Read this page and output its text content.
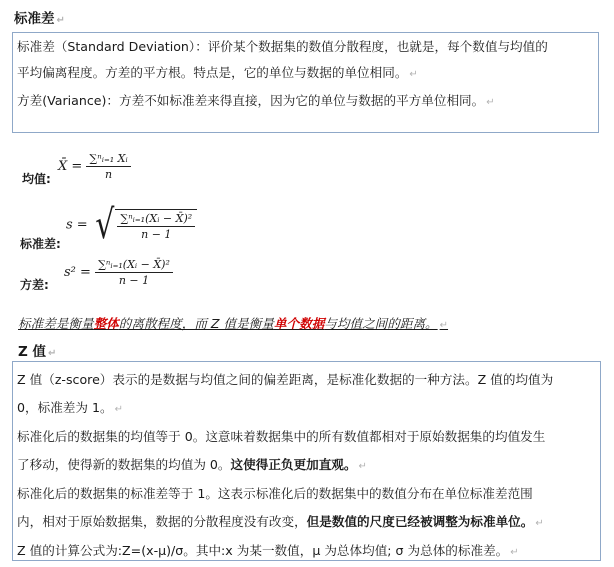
标准差 ↵

标准差（Standard Deviation）：评价某个数据集的数值分散程度，也就是，每个数值与均值的

平均偏离程度。方差的平方根。特点是，它的单位与数据的单位相同。 ↵

方差(Variance)：方差不如标准差来得直接，因为它的单位与数据的平方单位相同。 ↵

均值:
X̄ = $\frac{\text{∑ⁿᵢ₌₁ Xᵢ}}{n}$
标准差:
s = √ $\frac{\text{∑ⁿᵢ₌₁(Xᵢ − X̄)²}}{n - 1}$
方差:
$s^2 = \frac{\text{∑ⁿᵢ₌₁(Xᵢ − X̄)²}}{n - 1}$
标准差是衡量整体的离散程度，而 Z 值是衡量单个数据与均值之间的距离。 ↵
Z 值 ↵

Z 值（z-score）表示的是数据与均值之间的偏差距离，是标准化数据的一种方法。Z 值的均值为

0，标准差为 1。 ↵

标准化后的数据集的均值等于 0。这意味着数据集中的所有数值都相对于原始数据集的均值发生

了移动，使得新的数据集的均值为 0。这使得正负更加直观。 ↵

标准化后的数据集的标准差等于 1。这表示标准化后的数据集中的数值分布在单位标准差范围

内，相对于原始数据集，数据的分散程度没有改变，但是数值的尺度已经被调整为标准单位。 ↵

Z 值的计算公式为:Z=(x-μ)/σ。其中:x 为某一数值，μ 为总体均值; σ 为总体的标准差。 ↵
